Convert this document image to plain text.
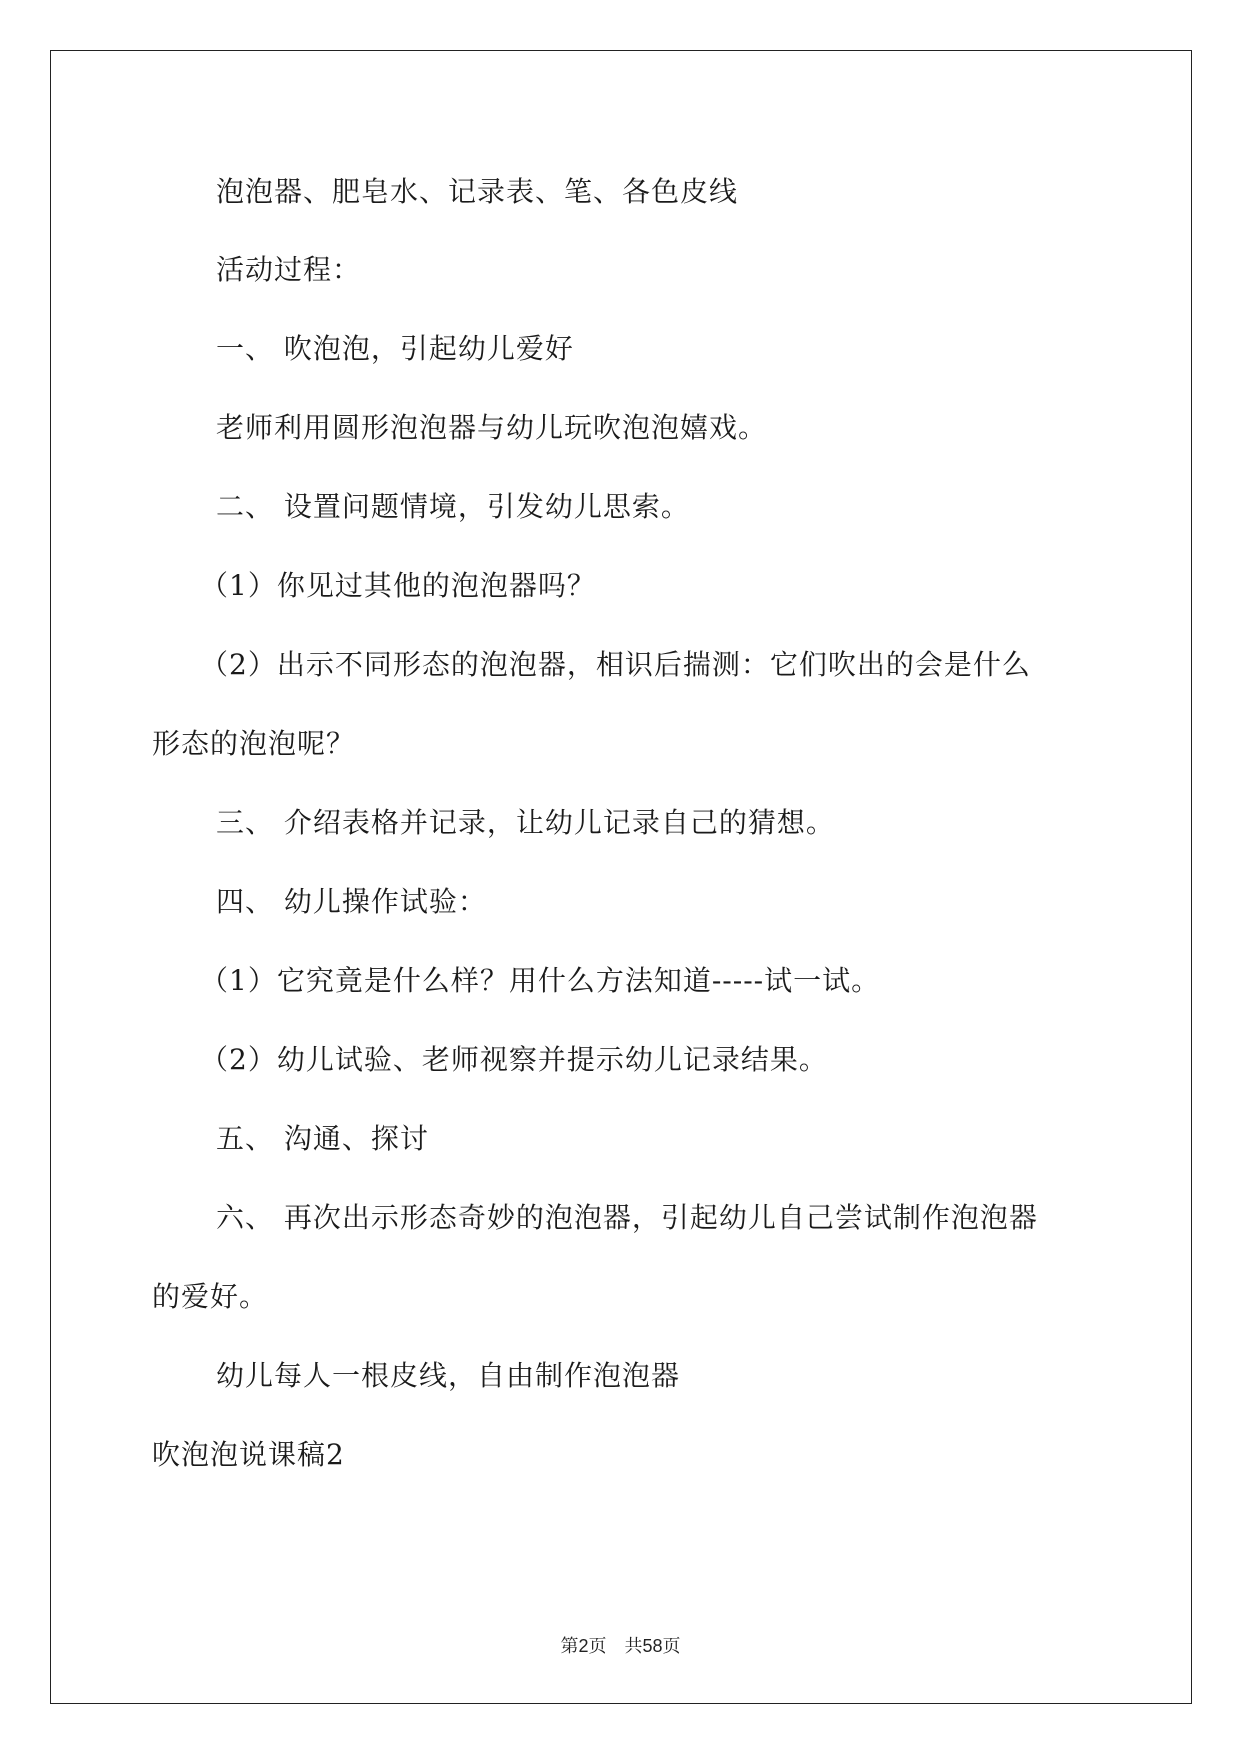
泡泡器、肥皂水、记录表、笔、各色皮线
活动过程：
一、 吹泡泡，引起幼儿爱好
老师利用圆形泡泡器与幼儿玩吹泡泡嬉戏。
二、 设置问题情境，引发幼儿思索。
（1）你见过其他的泡泡器吗？
（2）出示不同形态的泡泡器，相识后揣测：它们吹出的会是什么
形态的泡泡呢？
三、 介绍表格并记录，让幼儿记录自己的猜想。
四、 幼儿操作试验：
（1）它究竟是什么样？用什么方法知道-----试一试。
（2）幼儿试验、老师视察并提示幼儿记录结果。
五、 沟通、探讨
六、 再次出示形态奇妙的泡泡器，引起幼儿自己尝试制作泡泡器
的爱好。
幼儿每人一根皮线，自由制作泡泡器
吹泡泡说课稿2
第2页　共58页
